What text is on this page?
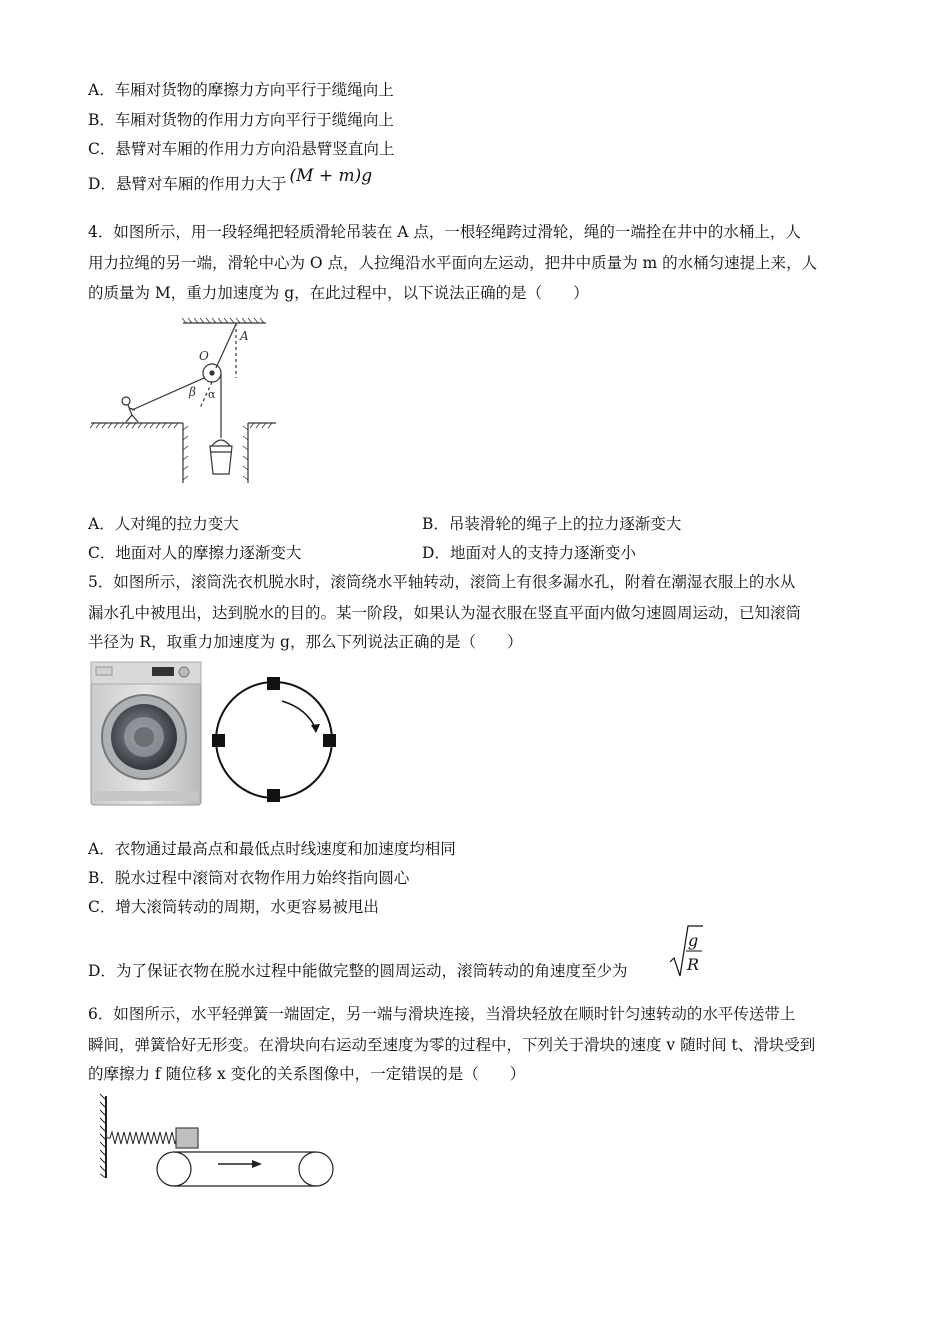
A．车厢对货物的摩擦力方向平行于缆绳向上
B．车厢对货物的作用力方向平行于缆绳向上
C．悬臂对车厢的作用力方向沿悬臂竖直向上
D．悬臂对车厢的作用力大于 (M + m)g
4．如图所示，用一段轻绳把轻质滑轮吊装在 A 点，一根轻绳跨过滑轮，绳的一端拴在井中的水桶上，人
用力拉绳的另一端，滑轮中心为 O 点，人拉绳沿水平面向左运动，把井中质量为 m 的水桶匀速提上来，人
的质量为 M，重力加速度为 g，在此过程中，以下说法正确的是（　　）
A
O
β α
A．人对绳的拉力变大	B．吊装滑轮的绳子上的拉力逐渐变大
C．地面对人的摩擦力逐渐变大	D．地面对人的支持力逐渐变小
5．如图所示，滚筒洗衣机脱水时，滚筒绕水平轴转动，滚筒上有很多漏水孔，附着在潮湿衣服上的水从
漏水孔中被甩出，达到脱水的目的。某一阶段，如果认为湿衣服在竖直平面内做匀速圆周运动，已知滚筒
半径为 R，取重力加速度为 g，那么下列说法正确的是（　　）
A．衣物通过最高点和最低点时线速度和加速度均相同
B．脱水过程中滚筒对衣物作用力始终指向圆心
C．增大滚筒转动的周期，水更容易被甩出
D．为了保证衣物在脱水过程中能做完整的圆周运动，滚筒转动的角速度至少为
g
R
6．如图所示，水平轻弹簧一端固定，另一端与滑块连接，当滑块轻放在顺时针匀速转动的水平传送带上
瞬间，弹簧恰好无形变。在滑块向右运动至速度为零的过程中，下列关于滑块的速度 v 随时间 t、滑块受到
的摩擦力 f 随位移 x 变化的关系图像中，一定错误的是（　　）
